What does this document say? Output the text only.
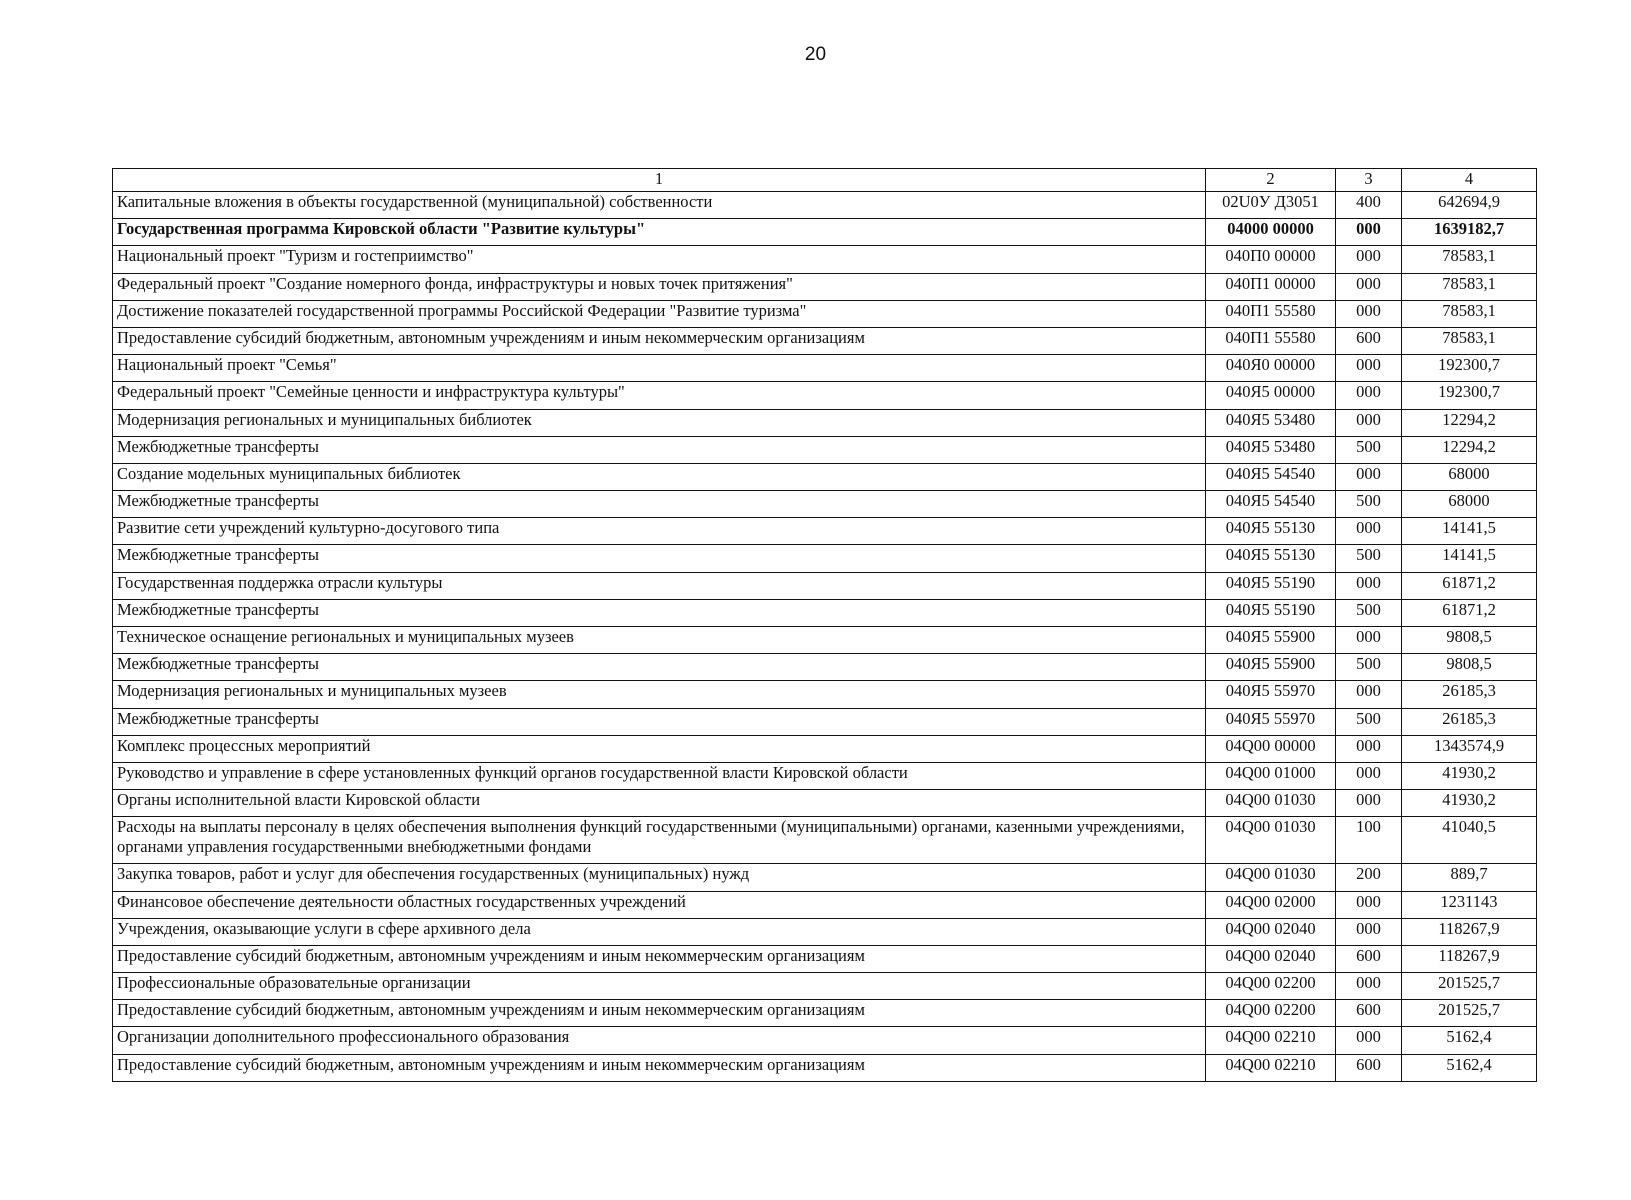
20
1	2	3	4
Капитальные вложения в объекты государственной (муниципальной) собственности	02U0У Д3051	400	642694,9
Государственная программа Кировской области "Развитие культуры"	04000 00000	000	1639182,7
Национальный проект "Туризм и гостеприимство"	040П0 00000	000	78583,1
Федеральный проект "Создание номерного фонда, инфраструктуры и новых точек притяжения"	040П1 00000	000	78583,1
Достижение показателей государственной программы Российской Федерации "Развитие туризма"	040П1 55580	000	78583,1
Предоставление субсидий бюджетным, автономным учреждениям и иным некоммерческим организациям	040П1 55580	600	78583,1
Национальный проект "Семья"	040Я0 00000	000	192300,7
Федеральный проект "Семейные ценности и инфраструктура культуры"	040Я5 00000	000	192300,7
Модернизация региональных и муниципальных библиотек	040Я5 53480	000	12294,2
Межбюджетные трансферты	040Я5 53480	500	12294,2
Создание модельных муниципальных библиотек	040Я5 54540	000	68000
Межбюджетные трансферты	040Я5 54540	500	68000
Развитие сети учреждений культурно-досугового типа	040Я5 55130	000	14141,5
Межбюджетные трансферты	040Я5 55130	500	14141,5
Государственная поддержка отрасли культуры	040Я5 55190	000	61871,2
Межбюджетные трансферты	040Я5 55190	500	61871,2
Техническое оснащение региональных и муниципальных музеев	040Я5 55900	000	9808,5
Межбюджетные трансферты	040Я5 55900	500	9808,5
Модернизация региональных и муниципальных музеев	040Я5 55970	000	26185,3
Межбюджетные трансферты	040Я5 55970	500	26185,3
Комплекс процессных мероприятий	04Q00 00000	000	1343574,9
Руководство и управление в сфере установленных функций органов государственной власти Кировской области	04Q00 01000	000	41930,2
Органы исполнительной власти Кировской области	04Q00 01030	000	41930,2
Расходы на выплаты персоналу в целях обеспечения выполнения функций государственными (муниципальными) органами, казенными учреждениями, органами управления государственными внебюджетными фондами	04Q00 01030	100	41040,5
Закупка товаров, работ и услуг для обеспечения государственных (муниципальных) нужд	04Q00 01030	200	889,7
Финансовое обеспечение деятельности областных государственных учреждений	04Q00 02000	000	1231143
Учреждения, оказывающие услуги в сфере архивного дела	04Q00 02040	000	118267,9
Предоставление субсидий бюджетным, автономным учреждениям и иным некоммерческим организациям	04Q00 02040	600	118267,9
Профессиональные образовательные организации	04Q00 02200	000	201525,7
Предоставление субсидий бюджетным, автономным учреждениям и иным некоммерческим организациям	04Q00 02200	600	201525,7
Организации дополнительного профессионального образования	04Q00 02210	000	5162,4
Предоставление субсидий бюджетным, автономным учреждениям и иным некоммерческим организациям	04Q00 02210	600	5162,4
